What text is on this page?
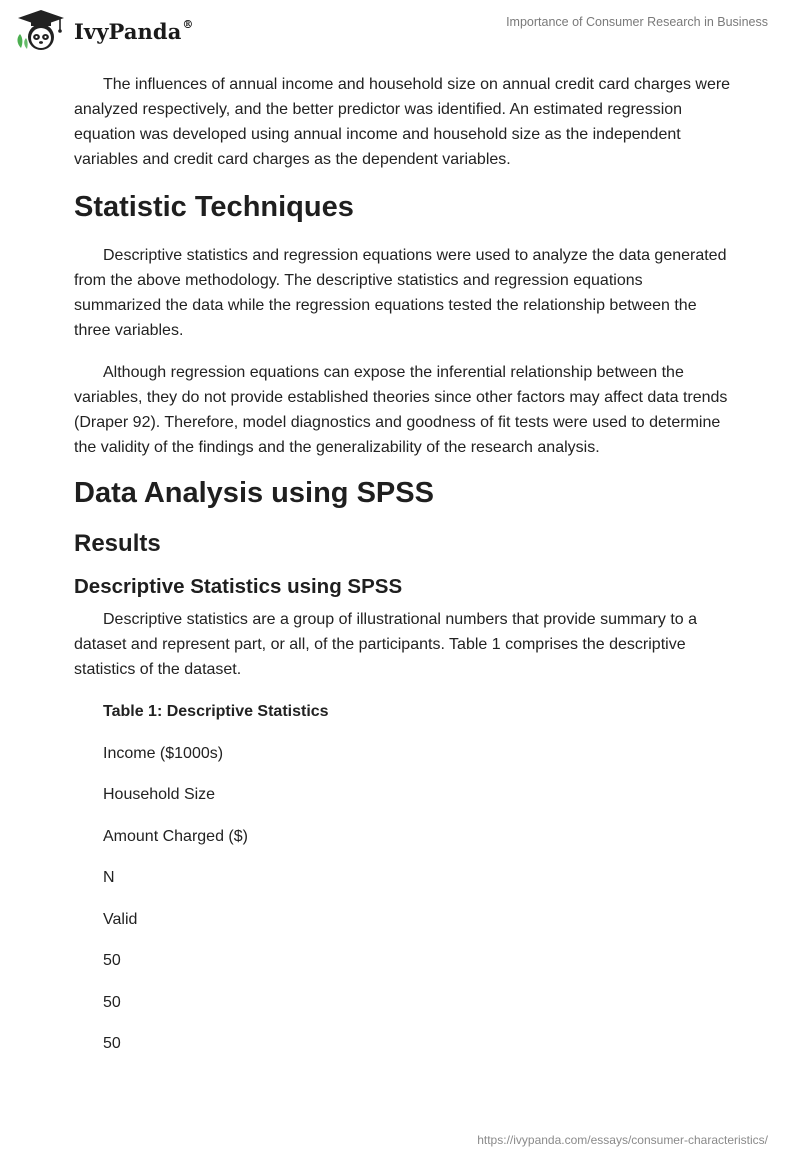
IvyPanda®	Importance of Consumer Research in Business

The influences of annual income and household size on annual credit card charges were analyzed respectively, and the better predictor was identified. An estimated regression equation was developed using annual income and household size as the independent variables and credit card charges as the dependent variables.

Statistic Techniques

Descriptive statistics and regression equations were used to analyze the data generated from the above methodology. The descriptive statistics and regression equations summarized the data while the regression equations tested the relationship between the three variables.

Although regression equations can expose the inferential relationship between the variables, they do not provide established theories since other factors may affect data trends (Draper 92). Therefore, model diagnostics and goodness of fit tests were used to determine the validity of the findings and the generalizability of the research analysis.

Data Analysis using SPSS
Results
Descriptive Statistics using SPSS

Descriptive statistics are a group of illustrational numbers that provide summary to a dataset and represent part, or all, of the participants. Table 1 comprises the descriptive statistics of the dataset.

Table 1: Descriptive Statistics
Income ($1000s)
Household Size
Amount Charged ($)
N
Valid
50
50
50
https://ivypanda.com/essays/consumer-characteristics/
